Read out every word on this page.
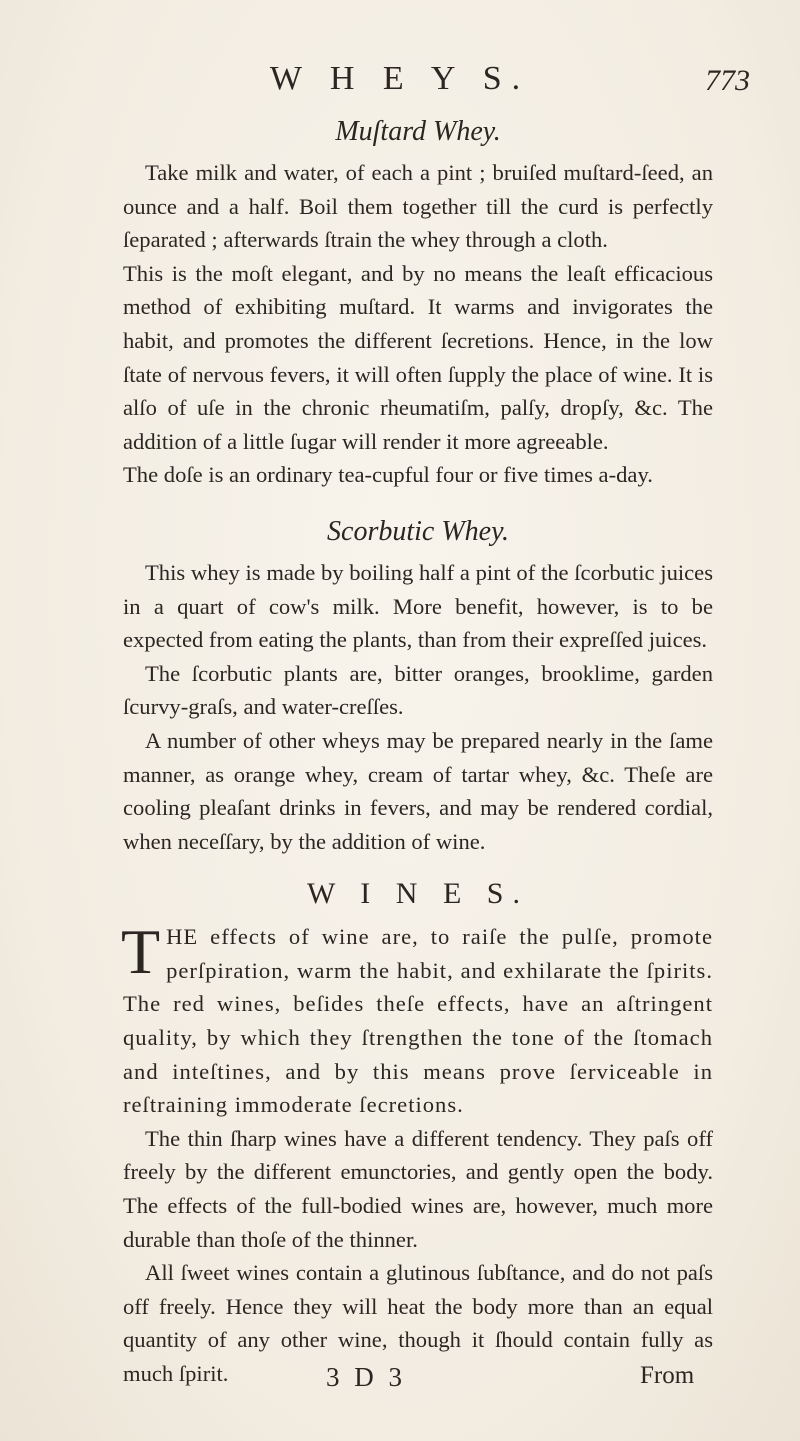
W H E Y S.	773
Muſtard Whey.

Take milk and water, of each a pint ; bruiſed muſtard-ſeed, an ounce and a half. Boil them together till the curd is perfectly ſeparated ; afterwards ſtrain the whey through a cloth.

This is the moſt elegant, and by no means the leaſt efficacious method of exhibiting muſtard. It warms and invigorates the habit, and promotes the different ſecretions. Hence, in the low ſtate of nervous fevers, it will often ſupply the place of wine. It is alſo of uſe in the chronic rheumatiſm, palſy, dropſy, &c. The addition of a little ſugar will render it more agreeable.

The doſe is an ordinary tea-cupful four or five times a-day.

Scorbutic Whey.

This whey is made by boiling half a pint of the ſcorbutic juices in a quart of cow's milk. More benefit, however, is to be expected from eating the plants, than from their expreſſed juices.

The ſcorbutic plants are, bitter oranges, brooklime, garden ſcurvy-graſs, and water-creſſes.

A number of other wheys may be prepared nearly in the ſame manner, as orange whey, cream of tartar whey, &c. Theſe are cooling pleaſant drinks in fevers, and may be rendered cordial, when neceſſary, by the addition of wine.

W I N E S.

THE effects of wine are, to raiſe the pulſe, promote perſpiration, warm the habit, and exhilarate the ſpirits. The red wines, beſides theſe effects, have an aſtringent quality, by which they ſtrengthen the tone of the ſtomach and inteſtines, and by this means prove ſerviceable in reſtraining immoderate ſecretions.

The thin ſharp wines have a different tendency. They paſs off freely by the different emunctories, and gently open the body. The effects of the full-bodied wines are, however, much more durable than thoſe of the thinner.

All ſweet wines contain a glutinous ſubſtance, and do not paſs off freely. Hence they will heat the body more than an equal quantity of any other wine, though it ſhould contain fully as much ſpirit.	3 D 3	From
